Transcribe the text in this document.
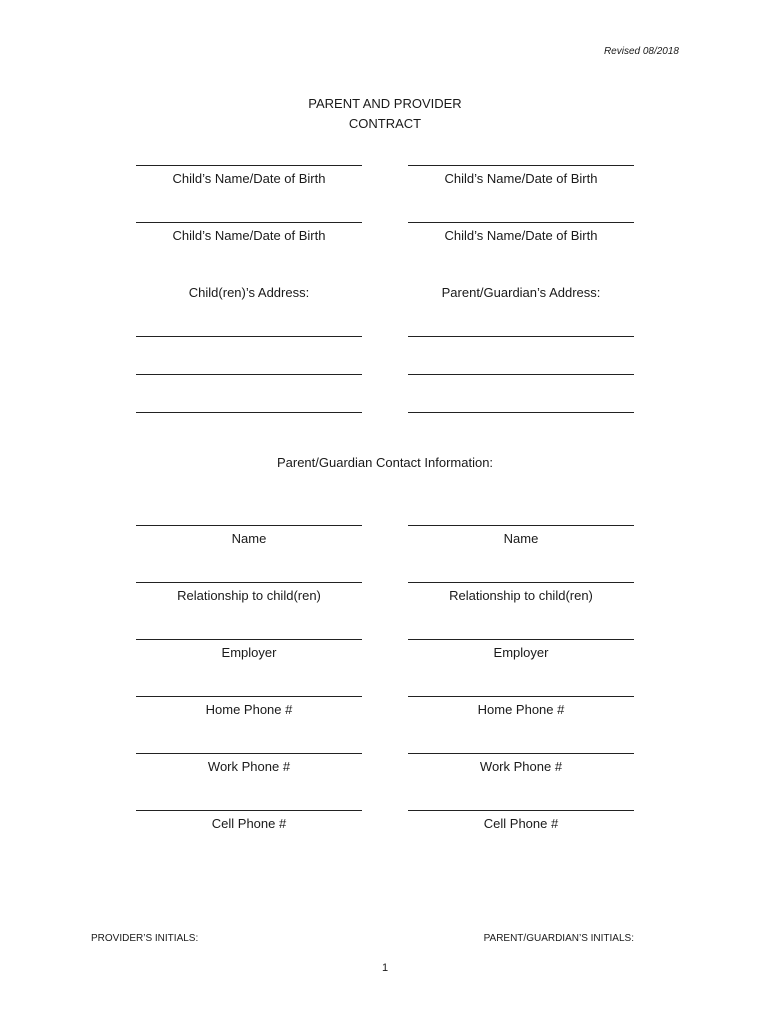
Revised 08/2018
PARENT AND PROVIDER
CONTRACT
Child’s Name/Date of Birth	Child’s Name/Date of Birth
Child’s Name/Date of Birth	Child’s Name/Date of Birth
Child(ren)’s Address:	Parent/Guardian’s Address:
Parent/Guardian Contact Information:
Name	Name
Relationship to child(ren)	Relationship to child(ren)
Employer	Employer
Home Phone #	Home Phone #
Work Phone #	Work Phone #
Cell Phone #	Cell Phone #
PROVIDER’S INITIALS:	PARENT/GUARDIAN’S INITIALS:
1
